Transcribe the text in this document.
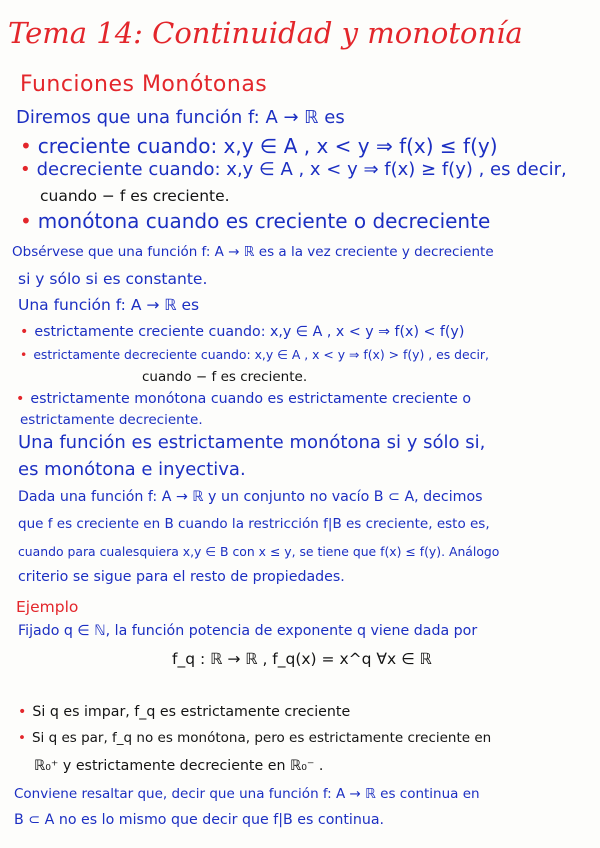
Tema 14: Continuidad y monotonía
Funciones Monótonas
Diremos que una función f: A → ℝ es
• creciente cuando: x,y ∈ A , x < y ⇒ f(x) ≤ f(y)
• decreciente cuando: x,y ∈ A , x < y ⇒ f(x) ≥ f(y) , es decir,
cuando − f es creciente.
• monótona cuando es creciente o decreciente
Obsérvese que una función f: A → ℝ es a la vez creciente y decreciente
si y sólo si es constante.
Una función f: A → ℝ es
• estrictamente creciente cuando: x,y ∈ A , x < y ⇒ f(x) < f(y)
• estrictamente decreciente cuando: x,y ∈ A , x < y ⇒ f(x) > f(y) , es decir,
cuando − f es creciente.
• estrictamente monótona cuando es estrictamente creciente o
estrictamente decreciente.
Una función es estrictamente monótona si y sólo si,
es monótona e inyectiva.
Dada una función f: A → ℝ y un conjunto no vacío B ⊂ A, decimos
que f es creciente en B cuando la restricción f|B es creciente, esto es,
cuando para cualesquiera x,y ∈ B con x ≤ y, se tiene que f(x) ≤ f(y). Análogo
criterio se sigue para el resto de propiedades.
Ejemplo
Fijado q ∈ ℕ, la función potencia de exponente q viene dada por
f_q : ℝ → ℝ , f_q(x) = x^q ∀x ∈ ℝ
• Si q es impar, f_q es estrictamente creciente
• Si q es par, f_q no es monótona, pero es estrictamente creciente en
ℝ₀⁺ y estrictamente decreciente en ℝ₀⁻ .
Conviene resaltar que, decir que una función f: A → ℝ es continua en
B ⊂ A no es lo mismo que decir que f|B es continua.
